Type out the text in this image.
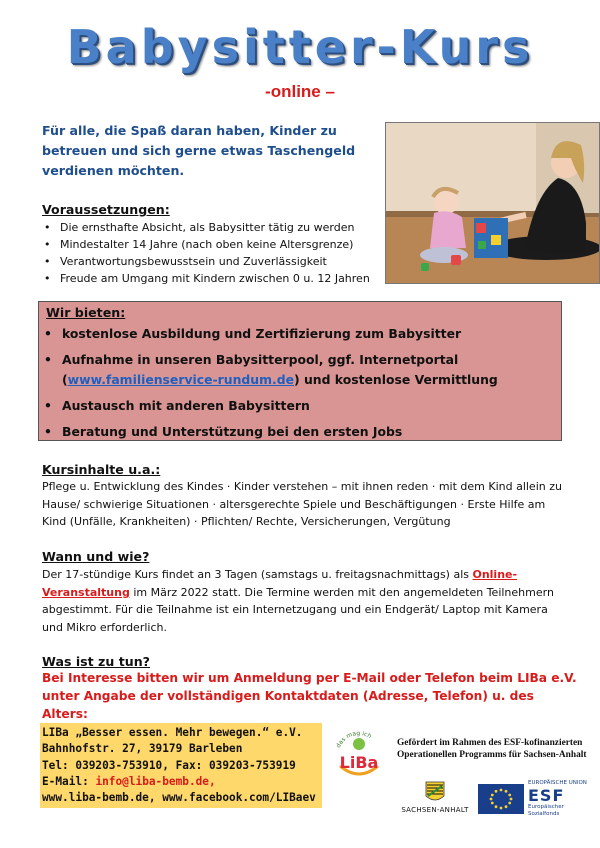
Babysitter-Kurs
-online –
Für alle, die Spaß daran haben, Kinder zu betreuen und sich gerne etwas Taschengeld verdienen möchten.
Voraussetzungen:
• Die ernsthafte Absicht, als Babysitter tätig zu werden
• Mindestalter 14 Jahre (nach oben keine Altersgrenze)
• Verantwortungsbewusstsein und Zuverlässigkeit
• Freude am Umgang mit Kindern zwischen 0 u. 12 Jahren
Wir bieten:
• kostenlose Ausbildung und Zertifizierung zum Babysitter
• Aufnahme in unseren Babysitterpool, ggf. Internetportal
(www.familienservice-rundum.de) und kostenlose Vermittlung
• Austausch mit anderen Babysittern
• Beratung und Unterstützung bei den ersten Jobs
Kursinhalte u.a.:
Pflege u. Entwicklung des Kindes · Kinder verstehen – mit ihnen reden · mit dem Kind allein zu Hause/ schwierige Situationen · altersgerechte Spiele und Beschäftigungen · Erste Hilfe am Kind (Unfälle, Krankheiten) · Pflichten/ Rechte, Versicherungen, Vergütung
Wann und wie?
Der 17-stündige Kurs findet an 3 Tagen (samstags u. freitagsnachmittags) als Online-Veranstaltung im März 2022 statt. Die Termine werden mit den angemeldeten Teilnehmern abgestimmt. Für die Teilnahme ist ein Internetzugang und ein Endgerät/ Laptop mit Kamera und Mikro erforderlich.
Was ist zu tun?
Bei Interesse bitten wir um Anmeldung per E-Mail oder Telefon beim LIBa e.V. unter Angabe der vollständigen Kontaktdaten (Adresse, Telefon) u. des Alters:
LIBa „Besser essen. Mehr bewegen.“ e.V.
Bahnhofstr. 27, 39179 Barleben
Tel: 039203-753910, Fax: 039203-753919
E-Mail: info@liba-bemb.de,
www.liba-bemb.de, www.facebook.com/LIBaev
das mag ich
LiBa
Gefördert im Rahmen des ESF-kofinanzierten Operationellen Programms für Sachsen-Anhalt
SACHSEN-ANHALT
EUROPÄISCHE UNION
ESF
Europäischer
Sozialfonds
